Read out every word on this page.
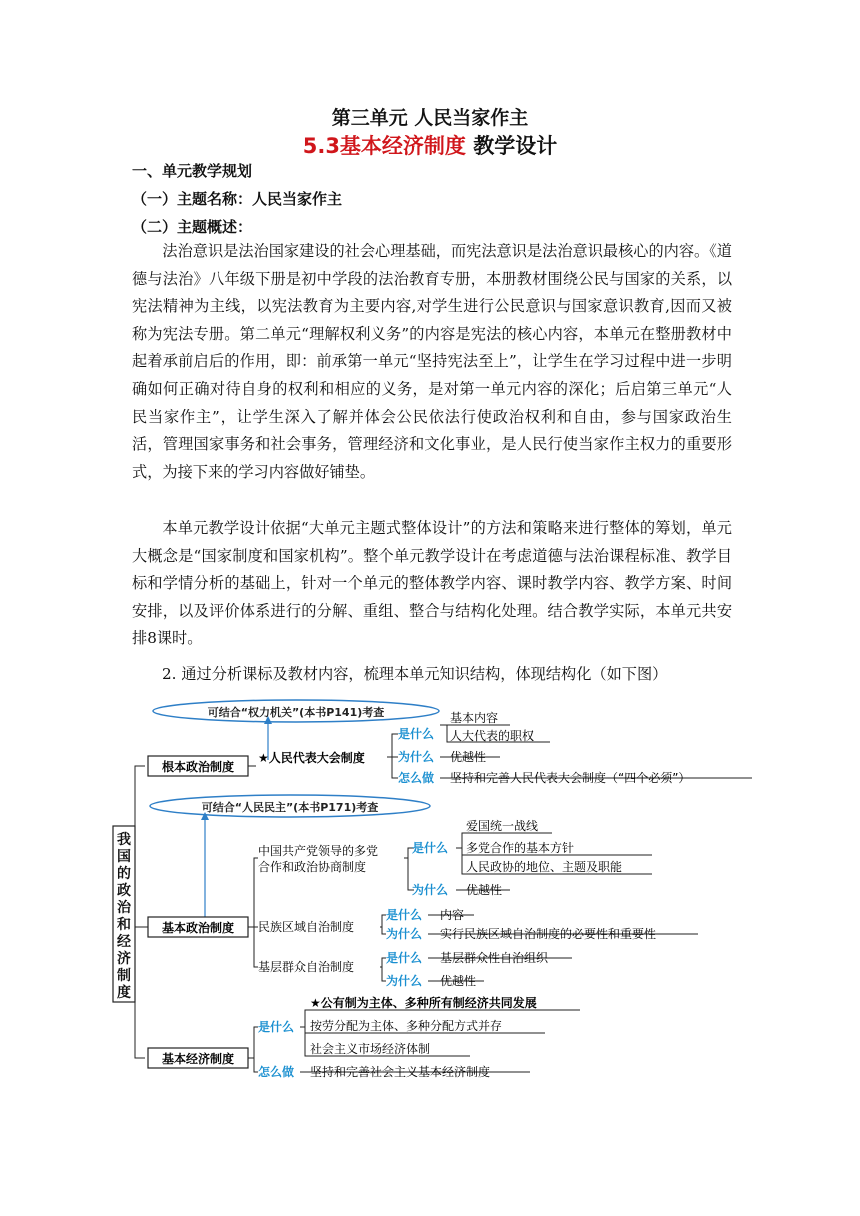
第三单元 人民当家作主
5.3基本经济制度 教学设计
一、单元教学规划
（一）主题名称：人民当家作主
（二）主题概述：
法治意识是法治国家建设的社会心理基础，而宪法意识是法治意识最核心的内容。《道德与法治》八年级下册是初中学段的法治教育专册，本册教材围绕公民与国家的关系，以宪法精神为主线，以宪法教育为主要内容,对学生进行公民意识与国家意识教育,因而又被称为宪法专册。第二单元“理解权利义务”的内容是宪法的核心内容，本单元在整册教材中起着承前启后的作用，即：前承第一单元“坚持宪法至上”，让学生在学习过程中进一步明确如何正确对待自身的权利和相应的义务，是对第一单元内容的深化；后启第三单元“人民当家作主”，让学生深入了解并体会公民依法行使政治权利和自由，参与国家政治生活，管理国家事务和社会事务，管理经济和文化事业，是人民行使当家作主权力的重要形式，为接下来的学习内容做好铺垫。
本单元教学设计依据“大单元主题式整体设计”的方法和策略来进行整体的筹划，单元大概念是“国家制度和国家机构”。整个单元教学设计在考虑道德与法治课程标准、教学目标和学情分析的基础上，针对一个单元的整体教学内容、课时教学内容、教学方案、时间安排，以及评价体系进行的分解、重组、整合与结构化处理。结合教学实际，本单元共安排8课时。
2. 通过分析课标及教材内容，梳理本单元知识结构，体现结构化（如下图）
可结合“权力机关”(本书P141)考查
可结合“人民民主”(本书P171)考查
我
国
的
政
治
和
经
济
制
度
根本政治制度
基本政治制度
基本经济制度
★人民代表大会制度
是什么
基本内容
人大代表的职权
为什么 优越性
怎么做 坚持和完善人民代表大会制度（“四个必须”）
中国共产党领导的多党
合作和政治协商制度
是什么
爱国统一战线
多党合作的基本方针
人民政协的地位、主题及职能
为什么 优越性
民族区域自治制度
是什么 内容
为什么 实行民族区域自治制度的必要性和重要性
基层群众自治制度
是什么 基层群众性自治组织
为什么 优越性
是什么
★公有制为主体、多种所有制经济共同发展
按劳分配为主体、多种分配方式并存
社会主义市场经济体制
怎么做 坚持和完善社会主义基本经济制度
